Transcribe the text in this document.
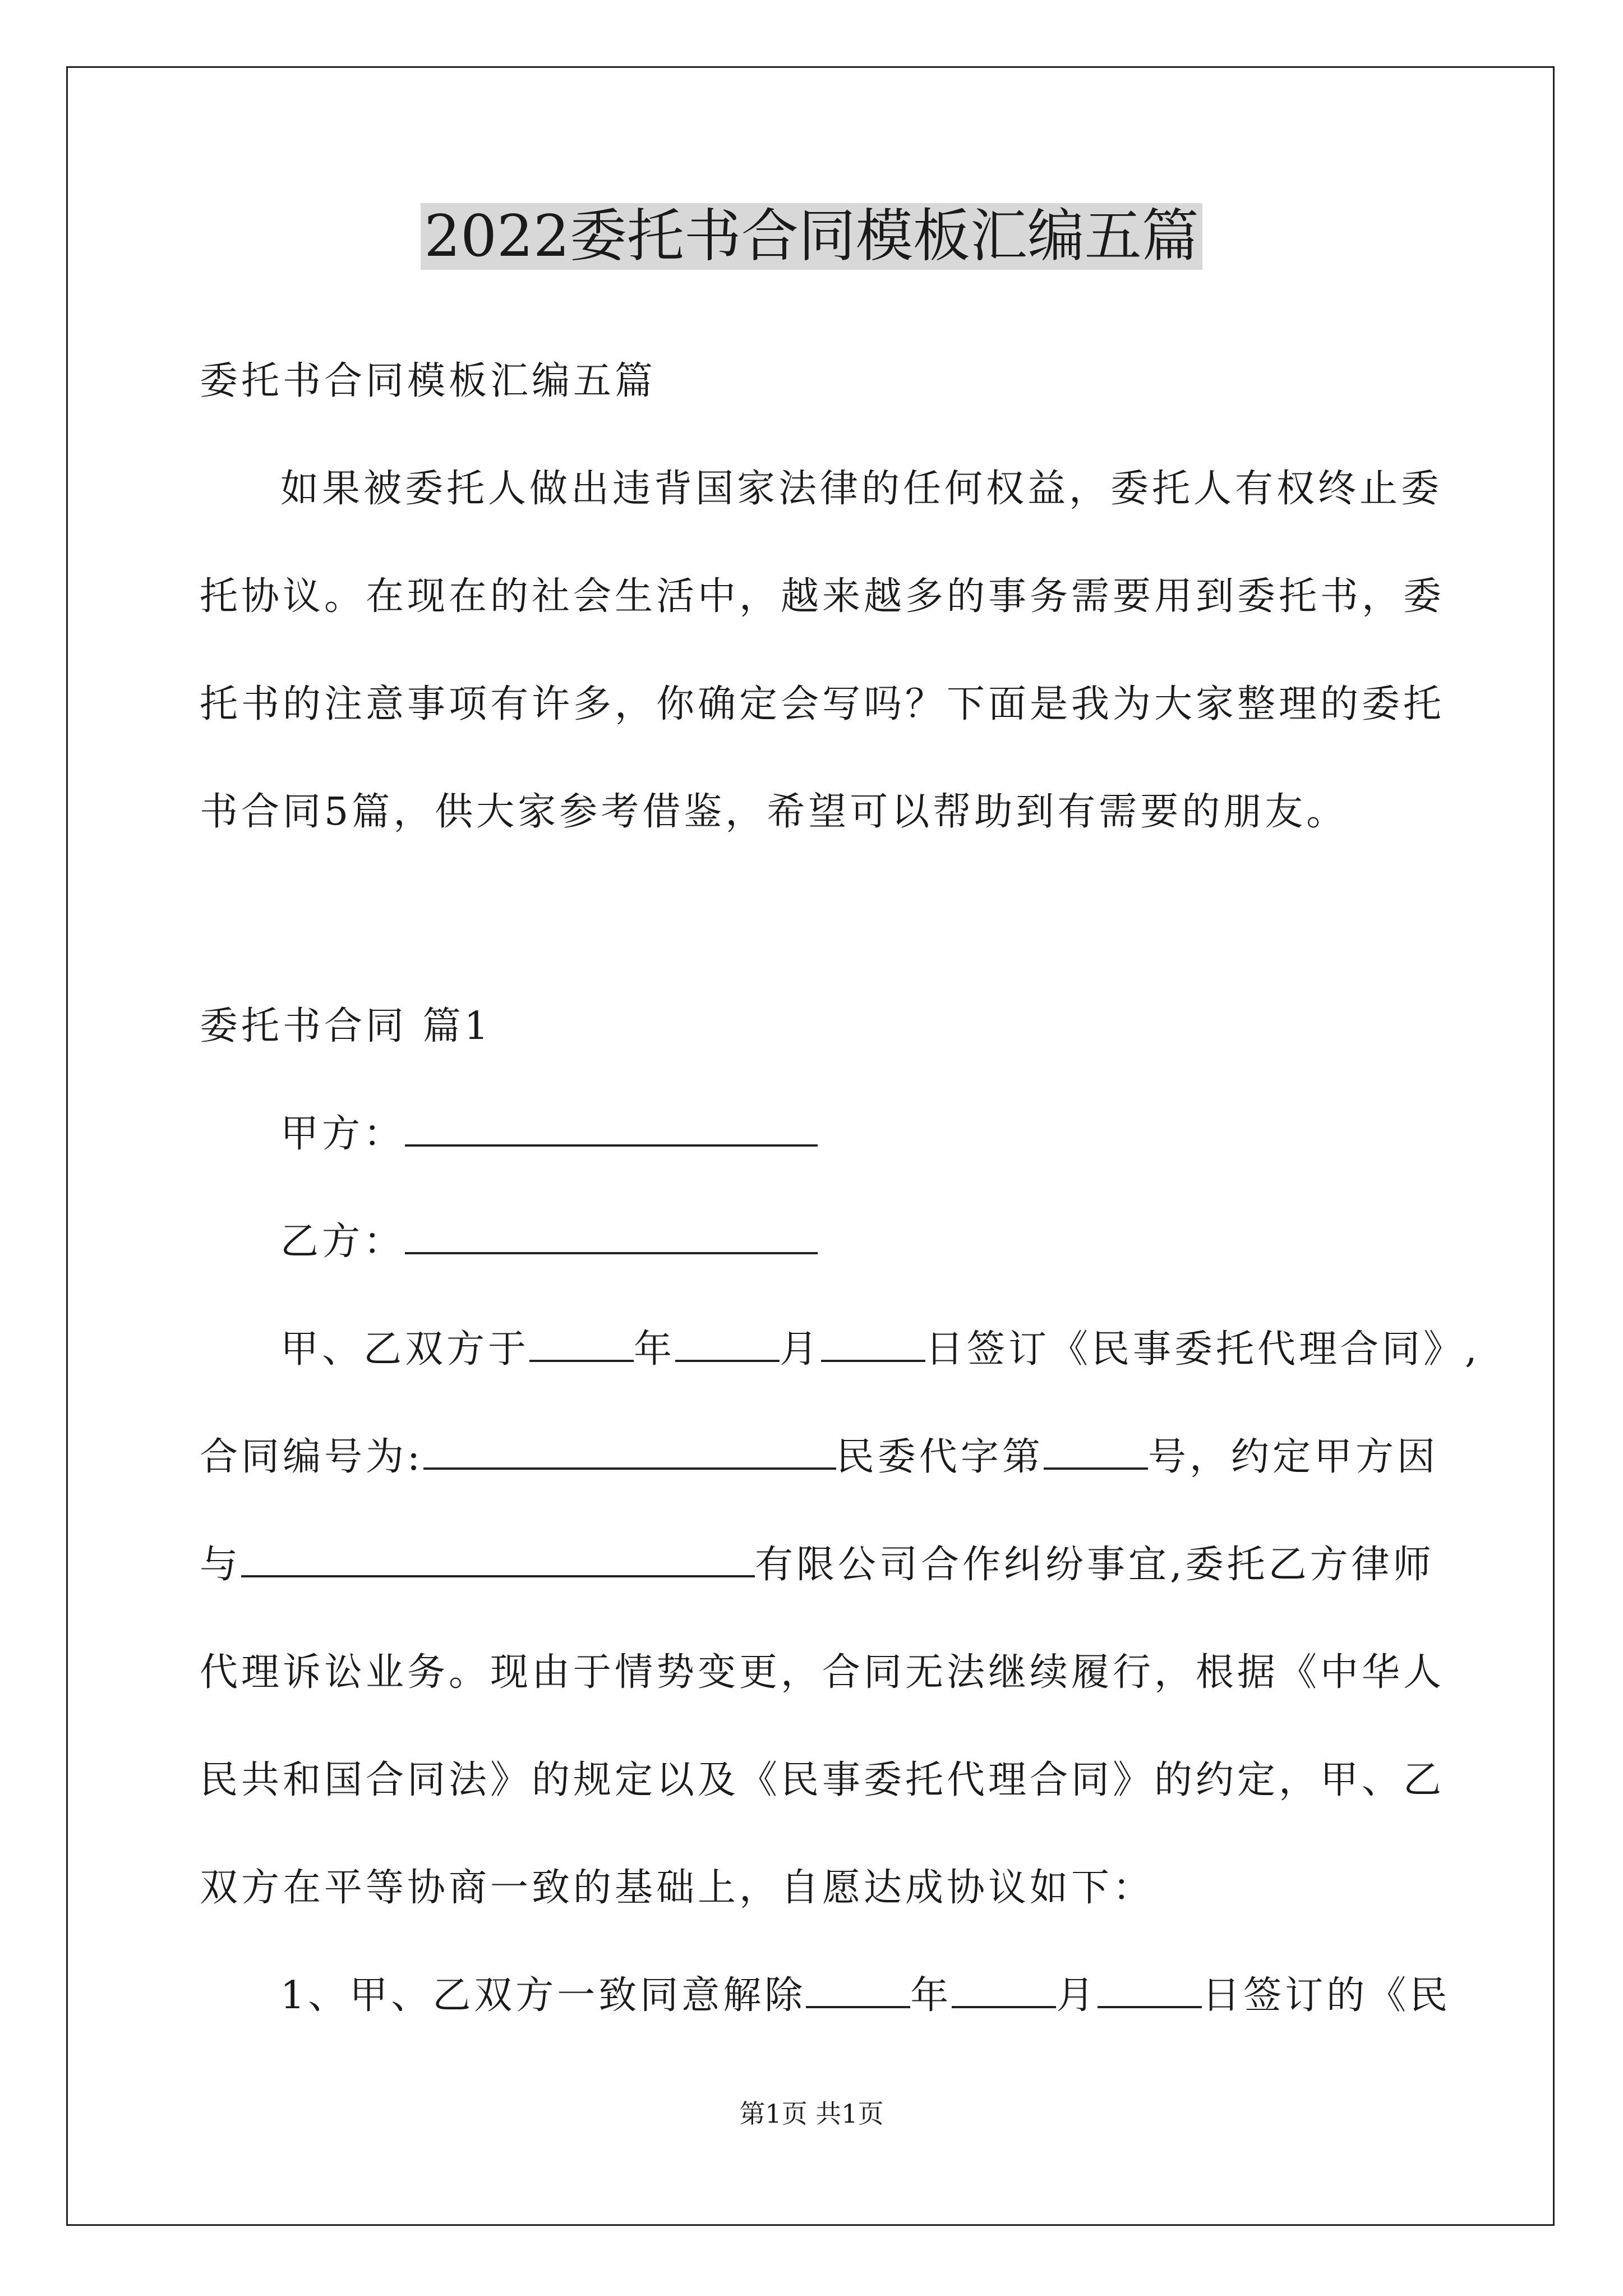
2022委托书合同模板汇编五篇
委托书合同模板汇编五篇
如果被委托人做出违背国家法律的任何权益，委托人有权终止委
托协议。在现在的社会生活中，越来越多的事务需要用到委托书，委
托书的注意事项有许多，你确定会写吗？下面是我为大家整理的委托
书合同5篇，供大家参考借鉴，希望可以帮助到有需要的朋友。
委托书合同 篇1
甲方：
乙方：
甲、乙双方于	年	月	日签订《民事委托代理合同》,
合同编号为:	民委代字第	号，约定甲方因
与	有限公司合作纠纷事宜,委托乙方律师
代理诉讼业务。现由于情势变更，合同无法继续履行，根据《中华人
民共和国合同法》的规定以及《民事委托代理合同》的约定，甲、乙
双方在平等协商一致的基础上，自愿达成协议如下：
1、甲、乙双方一致同意解除	年	月	日签订的《民
第1页 共1页
